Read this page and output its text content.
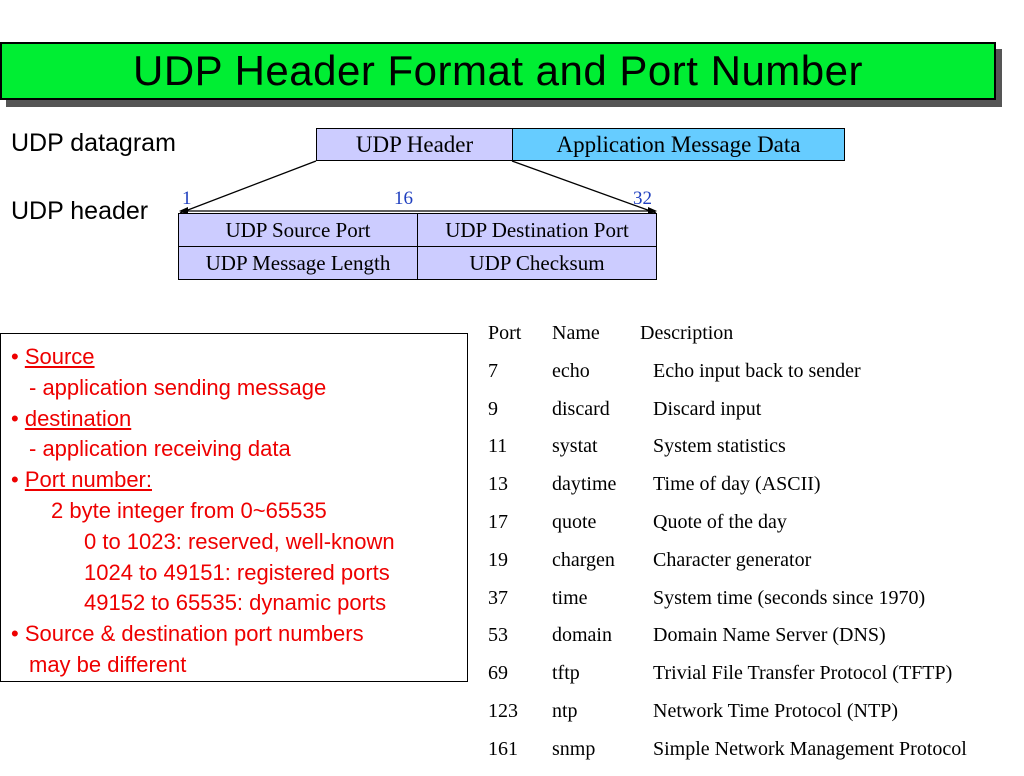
UDP Header Format and Port Number
UDP datagram
UDP header
UDP Header	Application Message Data
1	16	32
UDP Source Port	UDP Destination Port
UDP Message Length	UDP Checksum
• Source
- application sending message
• destination
- application receiving data
• Port number:
2 byte integer from 0~65535
0 to 1023: reserved, well-known
1024 to 49151: registered ports
49152 to 65535: dynamic ports
• Source & destination port numbers
may be different
Port Name Description
7	echo	Echo input back to sender
9	discard Discard input
11 systat	System statistics
13 daytime Time of day (ASCII)
17 quote	Quote of the day
19 chargen Character generator
37 time	System time (seconds since 1970)
53 domain Domain Name Server (DNS)
69 tftp	Trivial File Transfer Protocol (TFTP)
123 ntp	Network Time Protocol (NTP)
161 snmp	Simple Network Management Protocol
